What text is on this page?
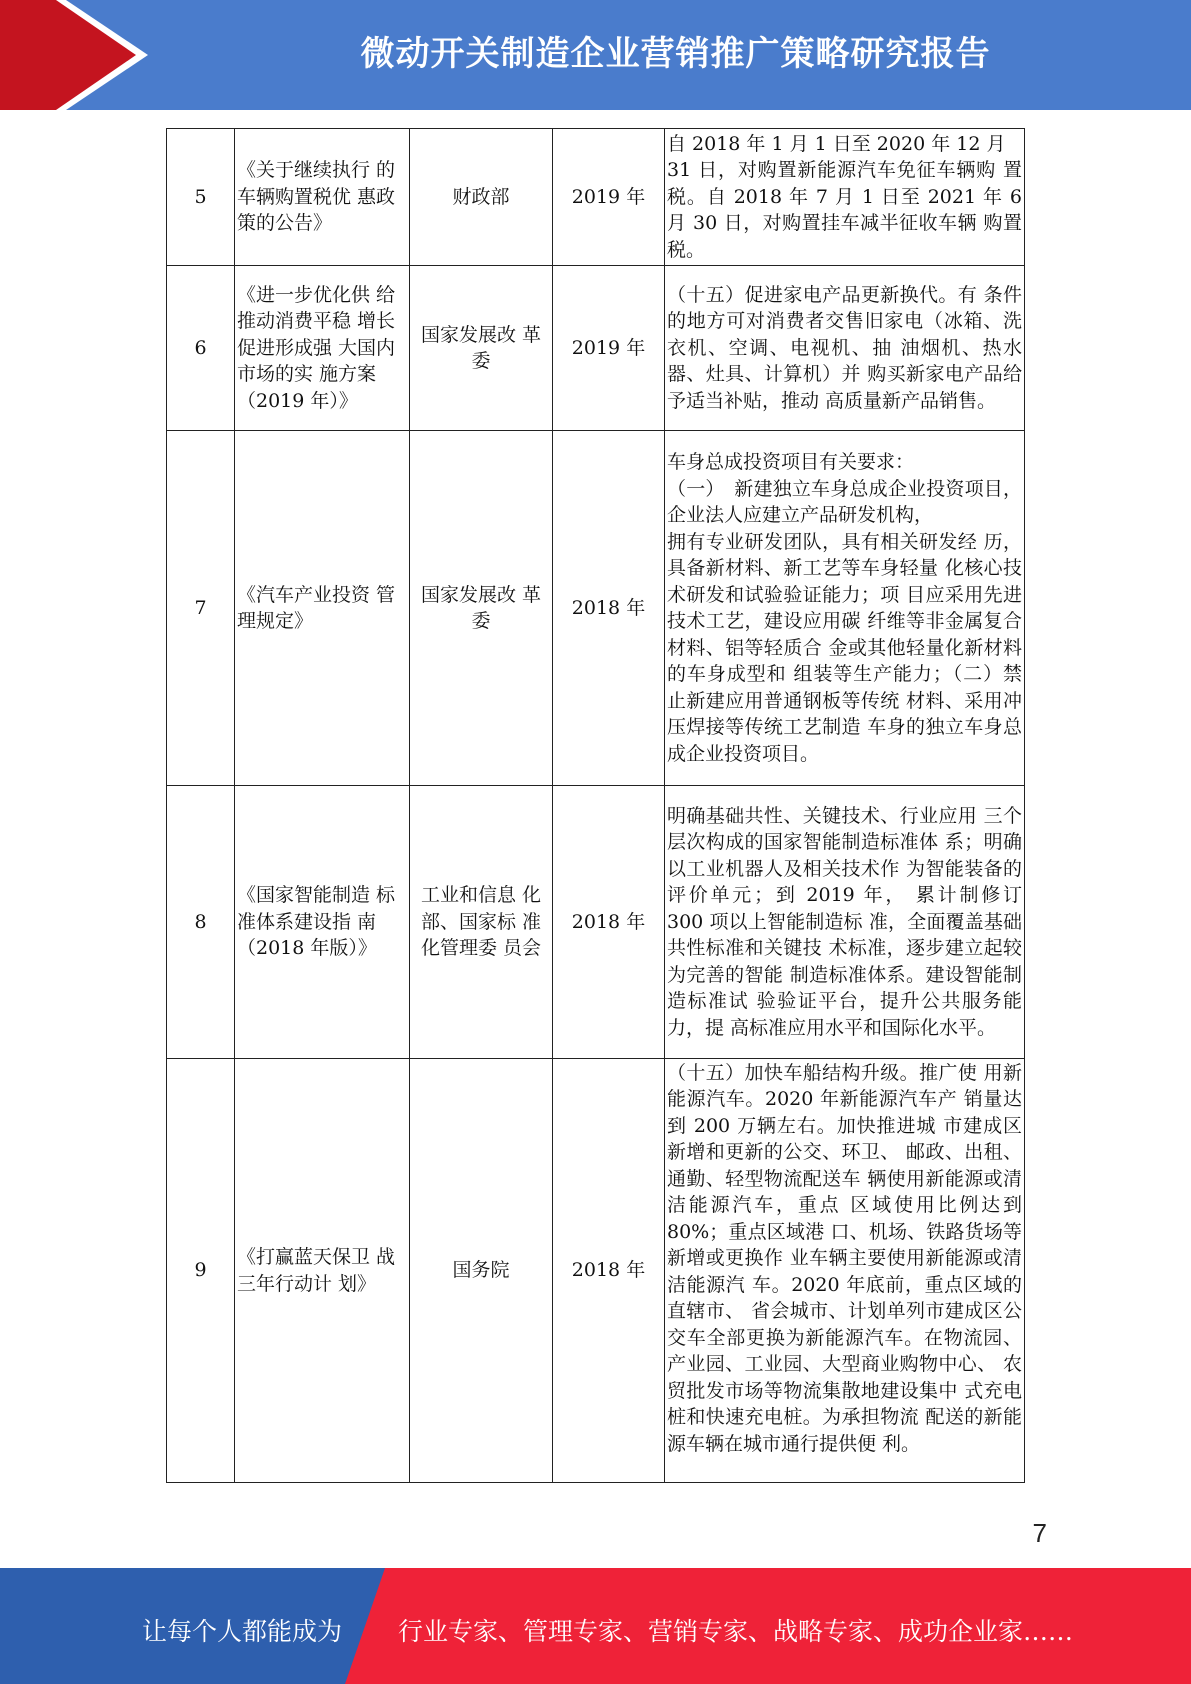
微动开关制造企业营销推广策略研究报告
5	《关于继续执行 的车辆购置税优 惠政策的公告》	财政部	2019 年	自 2018 年 1 月 1 日至 2020 年 12 月
31 日，对购置新能源汽车免征车辆购 置税。自 2018 年 7 月 1 日至 2021 年 6 月 30 日，对购置挂车减半征收车辆 购置税。
6	《进一步优化供 给推动消费平稳 增长促进形成强 大国内市场的实 施方案（2019 年）》	国家发展改 革委	2019 年	（十五）促进家电产品更新换代。有 条件的地方可对消费者交售旧家电（冰箱、洗衣机、空调、电视机、抽 油烟机、热水器、灶具、计算机）并 购买新家电产品给予适当补贴，推动 高质量新产品销售。
7	《汽车产业投资 管理规定》	国家发展改 革委	2018 年	车身总成投资项目有关要求：
（一）　新建独立车身总成企业投资项目，企业法人应建立产品研发机构，
拥有专业研发团队，具有相关研发经 历，具备新材料、新工艺等车身轻量 化核心技术研发和试验验证能力；项 目应采用先进技术工艺，建设应用碳 纤维等非金属复合材料、铝等轻质合 金或其他轻量化新材料的车身成型和 组装等生产能力；（二）禁止新建应用普通钢板等传统 材料、采用冲压焊接等传统工艺制造 车身的独立车身总成企业投资项目。
8	《国家智能制造 标准体系建设指 南（2018 年版）》	工业和信息 化部、国家标 准化管理委 员会	2018 年	明确基础共性、关键技术、行业应用 三个层次构成的国家智能制造标准体 系；明确以工业机器人及相关技术作 为智能装备的评价单元；到 2019 年， 累计制修订 300 项以上智能制造标 准，全面覆盖基础共性标准和关键技 术标准，逐步建立起较为完善的智能 制造标准体系。建设智能制造标准试 验验证平台，提升公共服务能力，提 高标准应用水平和国际化水平。
9	《打赢蓝天保卫 战三年行动计 划》	国务院	2018 年	（十五）加快车船结构升级。推广使 用新能源汽车。2020 年新能源汽车产 销量达到 200 万辆左右。加快推进城 市建成区新增和更新的公交、环卫、 邮政、出租、通勤、轻型物流配送车 辆使用新能源或清洁能源汽车，重点 区域使用比例达到 80%；重点区域港 口、机场、铁路货场等新增或更换作 业车辆主要使用新能源或清洁能源汽 车。2020 年底前，重点区域的直辖市、 省会城市、计划单列市建成区公交车全部更换为新能源汽车。在物流园、 产业园、工业园、大型商业购物中心、 农贸批发市场等物流集散地建设集中 式充电桩和快速充电桩。为承担物流 配送的新能源车辆在城市通行提供便 利。
7
让每个人都能成为 行业专家、管理专家、营销专家、战略专家、成功企业家……
